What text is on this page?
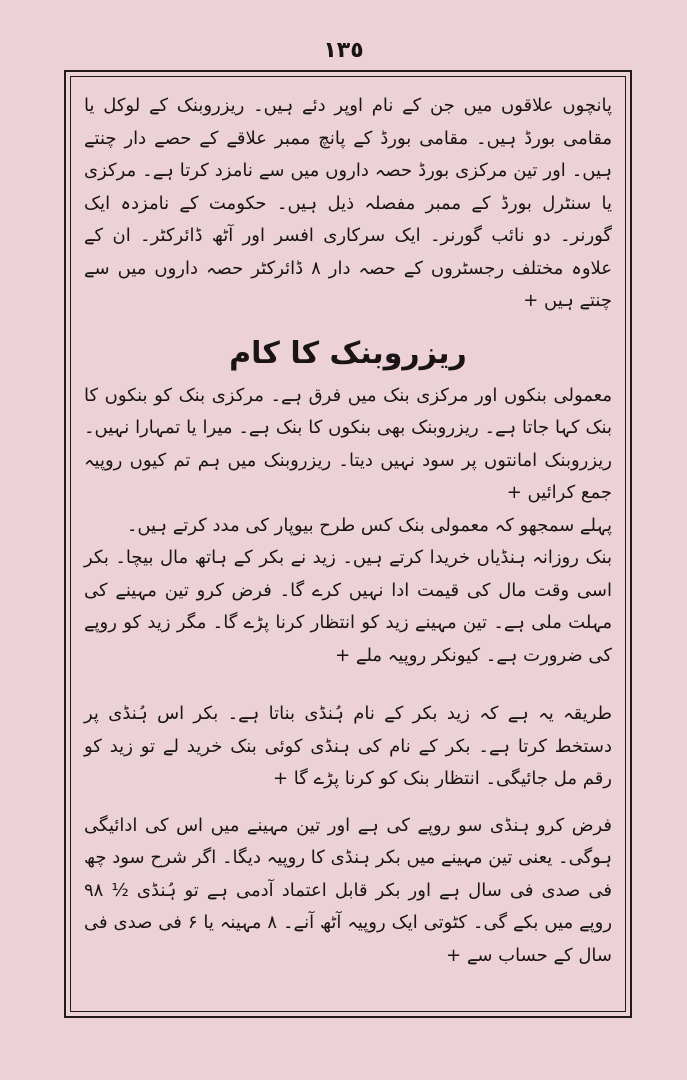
١٣٥

پانچوں علاقوں میں جن کے نام اوپر دئے ہیں۔ ریزروبنک کے لوکل یا مقامی بورڈ ہیں۔ مقامی بورڈ کے پانچ ممبر علاقے کے حصے دار چنتے ہیں۔ اور تین مرکزی بورڈ حصہ داروں میں سے نامزد کرتا ہے۔ مرکزی یا سنٹرل بورڈ کے ممبر مفصلہ ذیل ہیں۔ حکومت کے نامزدہ ایک گورنر۔ دو نائب گورنر۔ ایک سرکاری افسر اور آٹھ ڈائرکٹر۔ ان کے علاوہ مختلف رجسٹروں کے حصہ دار ۸ ڈائرکٹر حصہ داروں میں سے چنتے ہیں +

ریزروبنک کا کام

معمولی بنکوں اور مرکزی بنک میں فرق ہے۔ مرکزی بنک کو بنکوں کا بنک کہا جاتا ہے۔ ریزروبنک بھی بنکوں کا بنک ہے۔ میرا یا تمہارا نہیں۔ ریزروبنک امانتوں پر سود نہیں دیتا۔ ریزروبنک میں ہم تم کیوں روپیہ جمع کرائیں +

پہلے سمجھو کہ معمولی بنک کس طرح بیوپار کی مدد کرتے ہیں۔

بنک روزانہ ہنڈیاں خریدا کرتے ہیں۔ زید نے بکر کے ہاتھ مال بیچا۔ بکر اسی وقت مال کی قیمت ادا نہیں کرے گا۔ فرض کرو تین مہینے کی مہلت ملی ہے۔ تین مہینے زید کو انتظار کرنا پڑے گا۔ مگر زید کو روپے کی ضرورت ہے۔ کیونکر روپیہ ملے +

طریقہ یہ ہے کہ زید بکر کے نام ہُنڈی بناتا ہے۔ بکر اس ہُنڈی پر دستخط کرتا ہے۔ بکر کے نام کی ہنڈی کوئی بنک خرید لے تو زید کو رقم مل جائیگی۔ انتظار بنک کو کرنا پڑے گا +

فرض کرو ہنڈی سو روپے کی ہے اور تین مہینے میں اس کی ادائیگی ہوگی۔ یعنی تین مہینے میں بکر ہنڈی کا روپیہ دیگا۔ اگر شرح سود چھ فی صدی فی سال ہے اور بکر قابل اعتماد آدمی ہے تو ہُنڈی ½ ۹۸ روپے میں بکے گی۔ کٹوتی ایک روپیہ آٹھ آنے۔ ۸ مہینہ یا ۶ فی صدی فی سال کے حساب سے +
